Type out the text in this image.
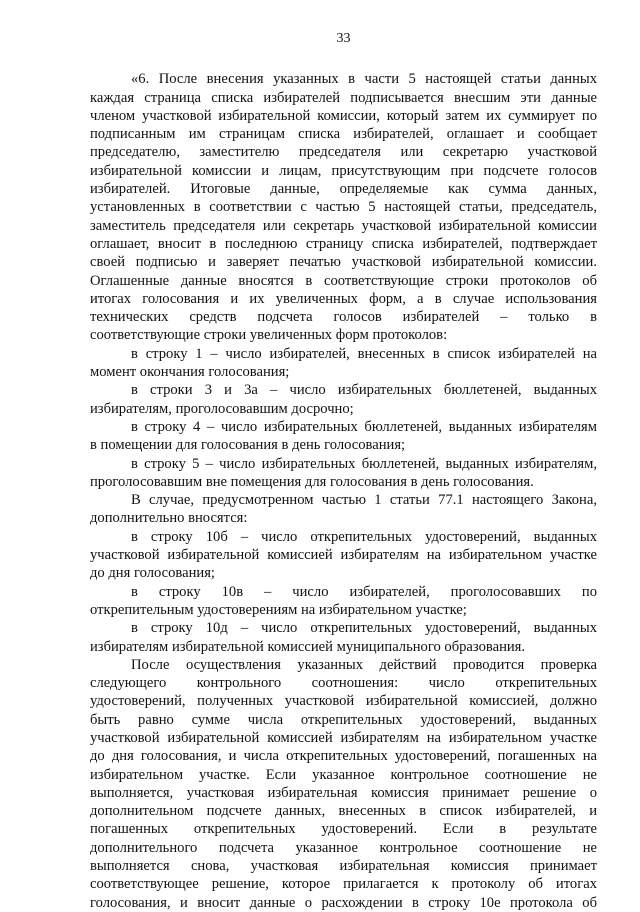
33
«6. После внесения указанных в части 5 настоящей статьи данных
каждая страница списка избирателей подписывается внесшим эти данные
членом участковой избирательной комиссии, который затем их суммирует по
подписанным им страницам списка избирателей, оглашает и сообщает
председателю, заместителю председателя или секретарю участковой
избирательной комиссии и лицам, присутствующим при подсчете голосов
избирателей. Итоговые данные, определяемые как сумма данных,
установленных в соответствии с частью 5 настоящей статьи, председатель,
заместитель председателя или секретарь участковой избирательной комиссии
оглашает, вносит в последнюю страницу списка избирателей, подтверждает
своей подписью и заверяет печатью участковой избирательной комиссии.
Оглашенные данные вносятся в соответствующие строки протоколов об
итогах голосования и их увеличенных форм, а в случае использования
технических средств подсчета голосов избирателей – только в
соответствующие строки увеличенных форм протоколов:
в строку 1 – число избирателей, внесенных в список избирателей на
момент окончания голосования;
в строки 3 и 3а – число избирательных бюллетеней, выданных
избирателям, проголосовавшим досрочно;
в строку 4 – число избирательных бюллетеней, выданных избирателям
в помещении для голосования в день голосования;
в строку 5 – число избирательных бюллетеней, выданных избирателям,
проголосовавшим вне помещения для голосования в день голосования.
В случае, предусмотренном частью 1 статьи 77.1 настоящего Закона,
дополнительно вносятся:
в строку 10б – число открепительных удостоверений, выданных
участковой избирательной комиссией избирателям на избирательном участке
до дня голосования;
в строку 10в – число избирателей, проголосовавших по
открепительным удостоверениям на избирательном участке;
в строку 10д – число открепительных удостоверений, выданных
избирателям избирательной комиссией муниципального образования.
После осуществления указанных действий проводится проверка
следующего контрольного соотношения: число открепительных
удостоверений, полученных участковой избирательной комиссией, должно
быть равно сумме числа открепительных удостоверений, выданных
участковой избирательной комиссией избирателям на избирательном участке
до дня голосования, и числа открепительных удостоверений, погашенных на
избирательном участке. Если указанное контрольное соотношение не
выполняется, участковая избирательная комиссия принимает решение о
дополнительном подсчете данных, внесенных в список избирателей, и
погашенных открепительных удостоверений. Если в результате
дополнительного подсчета указанное контрольное соотношение не
выполняется снова, участковая избирательная комиссия принимает
соответствующее решение, которое прилагается к протоколу об итогах
голосования, и вносит данные о расхождении в строку 10е протокола об
